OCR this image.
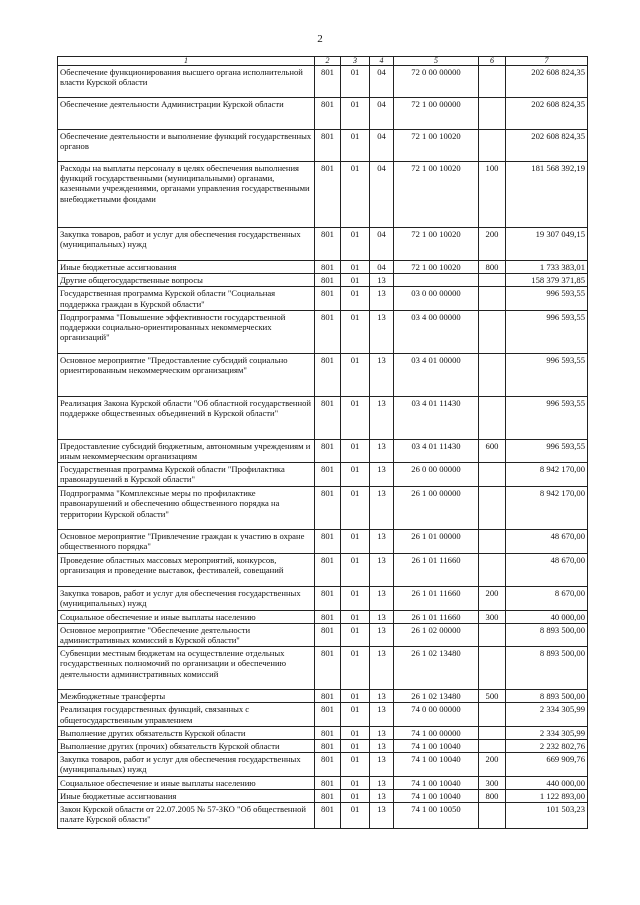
2
1	2	3	4	5	6	7
Обеспечение функционирования высшего органа исполнительной власти Курской области	801	01	04	72 0 00 00000		202 608 824,35
Обеспечение деятельности Администрации Курской области	801	01	04	72 1 00 00000		202 608 824,35
Обеспечение деятельности и выполнение функций государственных органов	801	01	04	72 1 00 10020		202 608 824,35
Расходы на выплаты персоналу в целях обеспечения выполнения функций государственными (муниципальными) органами, казенными учреждениями, органами управления государственными внебюджетными фондами	801	01	04	72 1 00 10020	100	181 568 392,19
Закупка товаров, работ и услуг для обеспечения государственных (муниципальных) нужд	801	01	04	72 1 00 10020	200	19 307 049,15
Иные бюджетные ассигнования	801	01	04	72 1 00 10020	800	1 733 383,01
Другие общегосударственные вопросы	801	01	13			158 379 371,85
Государственная программа Курской области "Социальная поддержка граждан в Курской области"	801	01	13	03 0 00 00000		996 593,55
Подпрограмма "Повышение эффективности государственной поддержки социально-ориентированных некоммерческих организаций"	801	01	13	03 4 00 00000		996 593,55
Основное мероприятие "Предоставление субсидий социально ориентированным некоммерческим организациям"	801	01	13	03 4 01 00000		996 593,55
Реализация Закона Курской области "Об областной государственной поддержке общественных объединений в Курской области"	801	01	13	03 4 01 11430		996 593,55
Предоставление субсидий бюджетным, автономным учреждениям и иным некоммерческим организациям	801	01	13	03 4 01 11430	600	996 593,55
Государственная программа Курской области "Профилактика правонарушений в Курской области"	801	01	13	26 0 00 00000		8 942 170,00
Подпрограмма "Комплексные меры по профилактике правонарушений и обеспечению общественного порядка на территории Курской области"	801	01	13	26 1 00 00000		8 942 170,00
Основное мероприятие "Привлечение граждан к участию в охране общественного порядка"	801	01	13	26 1 01 00000		48 670,00
Проведение областных массовых мероприятий, конкурсов, организация и проведение выставок, фестивалей, совещаний	801	01	13	26 1 01 11660		48 670,00
Закупка товаров, работ и услуг для обеспечения государственных (муниципальных) нужд	801	01	13	26 1 01 11660	200	8 670,00
Социальное обеспечение и иные выплаты населению	801	01	13	26 1 01 11660	300	40 000,00
Основное мероприятие "Обеспечение деятельности административных комиссий в Курской области"	801	01	13	26 1 02 00000		8 893 500,00
Субвенции местным бюджетам на осуществление отдельных государственных полномочий по организации и обеспечению деятельности административных комиссий	801	01	13	26 1 02 13480		8 893 500,00
Межбюджетные трансферты	801	01	13	26 1 02 13480	500	8 893 500,00
Реализация государственных функций, связанных с общегосударственным управлением	801	01	13	74 0 00 00000		2 334 305,99
Выполнение других обязательств Курской области	801	01	13	74 1 00 00000		2 334 305,99
Выполнение других (прочих) обязательств Курской области	801	01	13	74 1 00 10040		2 232 802,76
Закупка товаров, работ и услуг для обеспечения государственных (муниципальных) нужд	801	01	13	74 1 00 10040	200	669 909,76
Социальное обеспечение и иные выплаты населению	801	01	13	74 1 00 10040	300	440 000,00
Иные бюджетные ассигнования	801	01	13	74 1 00 10040	800	1 122 893,00
Закон Курской области от 22.07.2005 № 57-ЗКО "Об общественной палате Курской области"	801	01	13	74 1 00 10050		101 503,23
